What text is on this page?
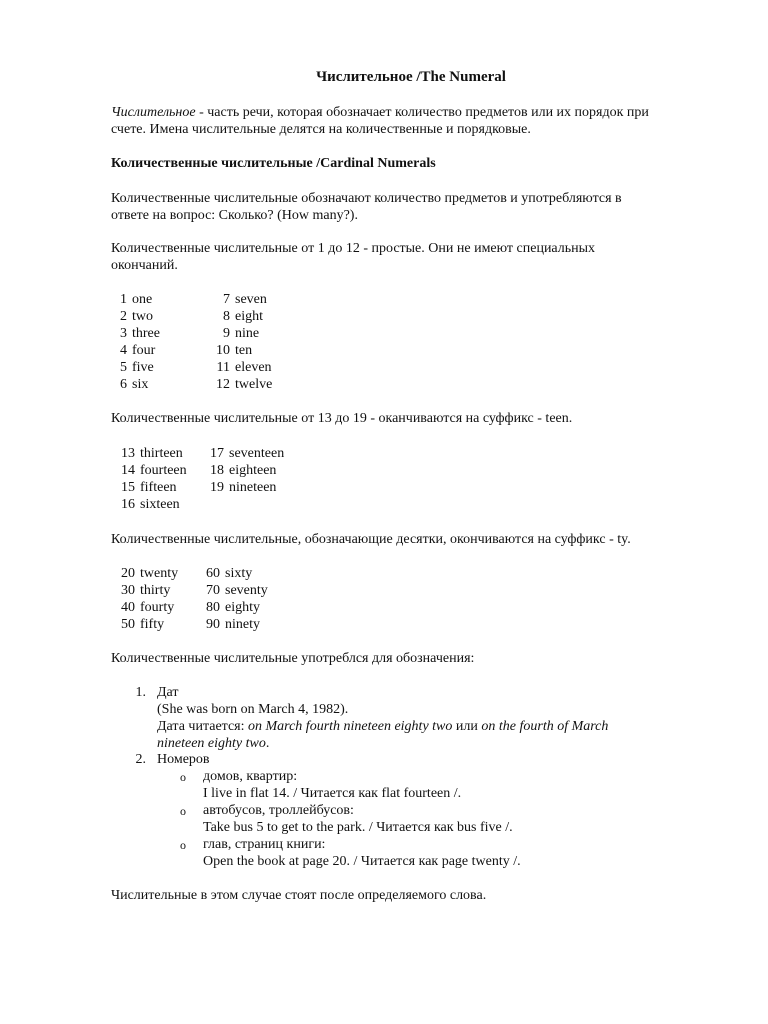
Числительное /The Numeral
Числительное - часть речи, которая обозначает количество предметов или их порядок при
счете. Имена числительные делятся на количественные и порядковые.
Количественные числительные /Cardinal Numerals
Количественные числительные обозначают количество предметов и употребляются в
ответе на вопрос: Сколько? (How many?).
Количественные числительные от 1 до 12 - простые. Они не имеют специальных
окончаний.
1	one	7	seven
2	two	8	eight
3	three	9	nine
4	four	10	ten
5	five	11	eleven
6	six	12	twelve
Количественные числительные от 13 до 19 - оканчиваются на суффикс - teen.
13	thirteen	17	seventeen
14	fourteen	18	eighteen
15	fifteen	19	nineteen
16	sixteen		
Количественные числительные, обозначающие десятки, окончиваются на суффикс - ty.
20	twenty	60	sixty
30	thirty	70	seventy
40	fourty	80	eighty
50	fifty	90	ninety
Количественные числительные употреблся для обозначения:
1. Дат
(She was born on March 4, 1982).
Дата читается: on March fourth nineteen eighty two или on the fourth of March
nineteen eighty two.
2. Номеров
o домов, квартир:
I live in flat 14. / Читается как flat fourteen /.
o автобусов, троллейбусов:
Take bus 5 to get to the park. / Читается как bus five /.
o глав, страниц книги:
Open the book at page 20. / Читается как page twenty /.
Числительные в этом случае стоят после определяемого слова.
